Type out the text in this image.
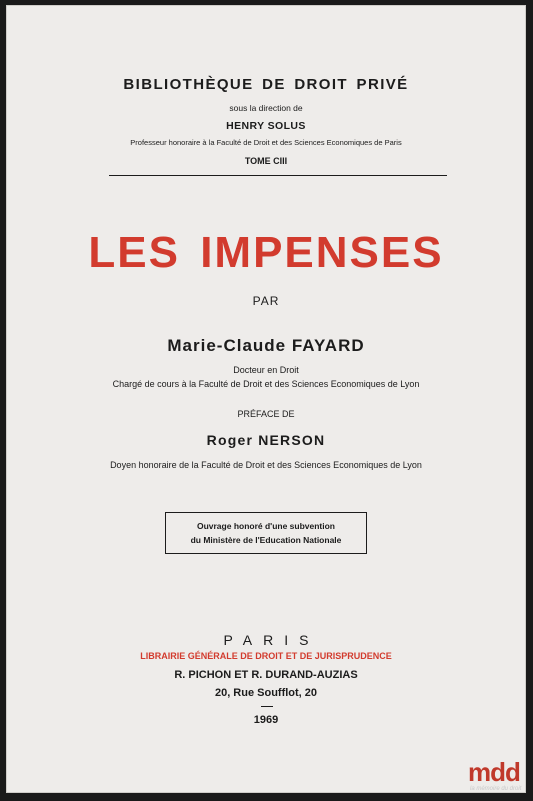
BIBLIOTHÈQUE DE DROIT PRIVÉ
sous la direction de
HENRY SOLUS
Professeur honoraire à la Faculté de Droit et des Sciences Economiques de Paris
TOME CIII
LES IMPENSES
PAR
Marie-Claude FAYARD
Docteur en Droit
Chargé de cours à la Faculté de Droit et des Sciences Economiques de Lyon
PRÉFACE DE
Roger NERSON
Doyen honoraire de la Faculté de Droit et des Sciences Economiques de Lyon
Ouvrage honoré d'une subvention
du Ministère de l'Education Nationale
PARIS
LIBRAIRIE GÉNÉRALE DE DROIT ET DE JURISPRUDENCE
R. PICHON ET R. DURAND-AUZIAS
20, Rue Soufflot, 20
1969
mdd
la mémoire du droit
